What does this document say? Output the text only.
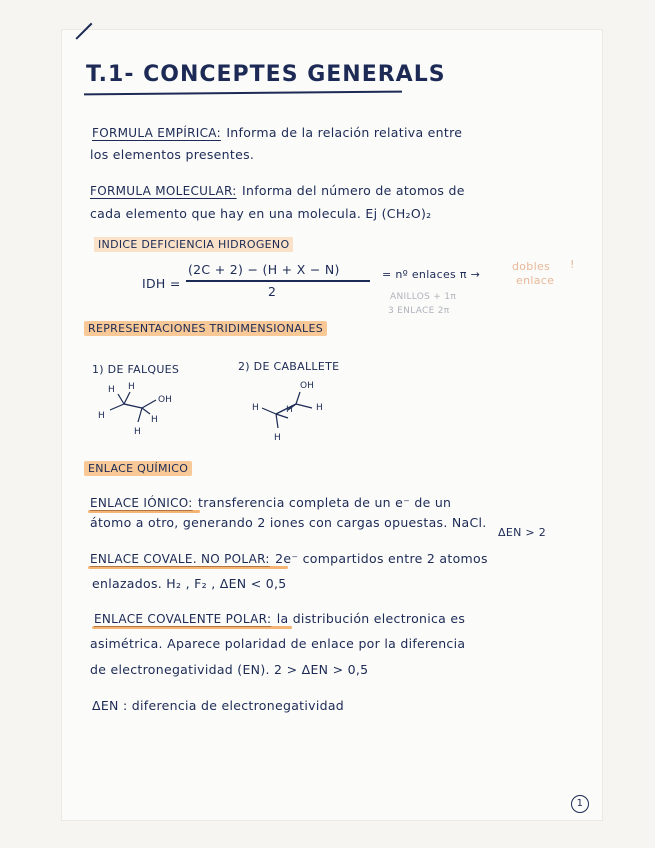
T.1- CONCEPTES GENERALS
FORMULA EMPÍRICA: Informa de la relación relativa entre
los elementos presentes.
FORMULA MOLECULAR: Informa del número de atomos de
cada elemento que hay en una molecula. Ej (CH₂O)₂
INDICE DEFICIENCIA HIDROGENO
IDH =
(2C + 2) − (H + X − N)
2
= nº enlaces π →
dobles !
enlace
ANILLOS + 1π
3 ENLACE 2π
REPRESENTACIONES TRIDIMENSIONALES
1) DE FALQUES	2) DE CABALLETE
H H
H
OH
H
H
OH
H	H
H
H
ENLACE QUÍMICO
ENLACE IÓNICO: transferencia completa de un e⁻ de un
átomo a otro, generando 2 iones con cargas opuestas. NaCl.
ΔEN > 2
ENLACE COVALE. NO POLAR: 2e⁻ compartidos entre 2 atomos
enlazados. H₂ , F₂ , ΔEN < 0,5
ENLACE COVALENTE POLAR: la distribución electronica es
asimétrica. Aparece polaridad de enlace por la diferencia
de electronegatividad (EN). 2 > ΔEN > 0,5
ΔEN : diferencia de electronegatividad
1
